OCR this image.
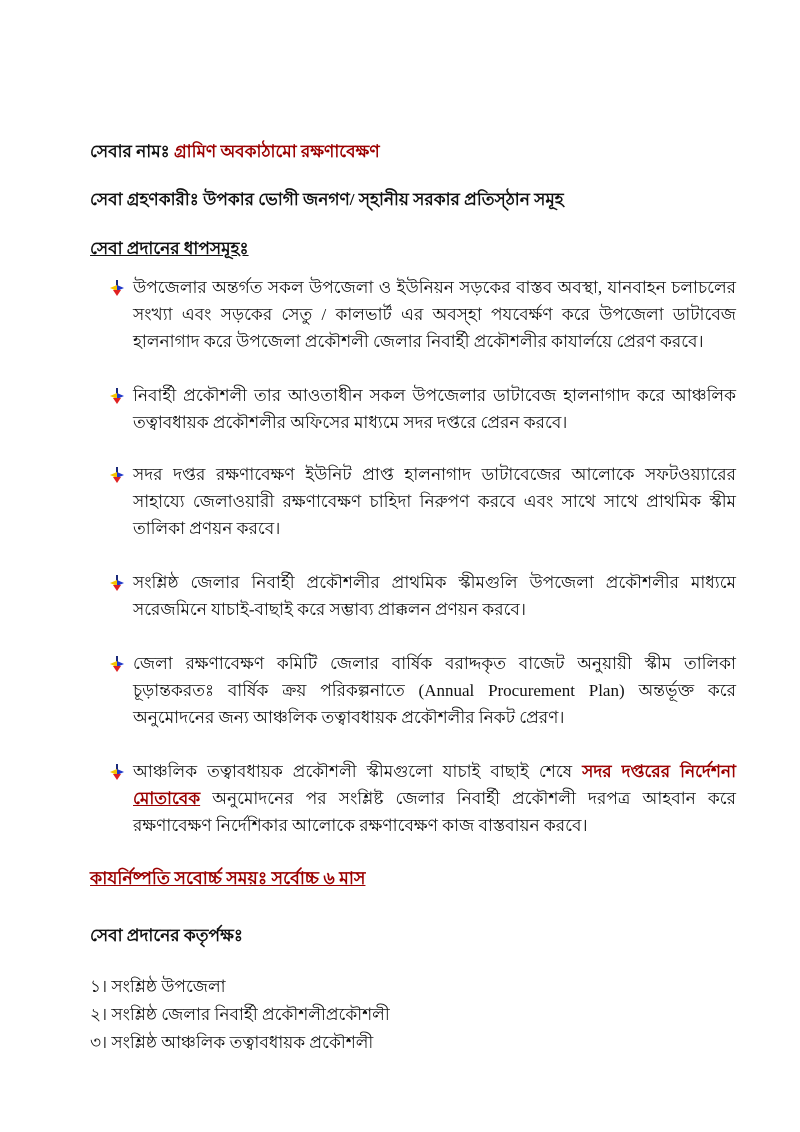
সেবার নামঃ গ্রামিণ অবকাঠামো রক্ষণাবেক্ষণ

সেবা গ্রহণকারীঃ উপকার ভোগী জনগণ/ স্হানীয় সরকার প্রতিস্ঠান সমূহ

সেবা প্রদানের ধাপসমূহঃ

উপজেলার অন্তর্গত সকল উপজেলা ও ইউনিয়ন সড়কের বাস্তব অবস্থা, যানবাহন চলাচলের সংখ্যা এবং সড়কের সেতু / কালভার্ট এর অবস্হা পযবের্ক্ষণ করে উপজেলা ডাটাবেজ হালনাগাদ করে উপজেলা প্রকৌশলী জেলার নিবার্হী প্রকৌশলীর কাযার্লয়ে প্রেরণ করবে।

নিবার্হী প্রকৌশলী তার আওতাধীন সকল উপজেলার ডাটাবেজ হালনাগাদ করে আঞ্চলিক তত্বাবধায়ক প্রকৌশলীর অফিসের মাধ্যমে সদর দপ্তরে প্রেরন করবে।

সদর দপ্তর রক্ষণাবেক্ষণ ইউনিট প্রাপ্ত হালনাগাদ ডাটাবেজের আলোকে সফটওয়্যারের সাহায্যে জেলাওয়ারী রক্ষণাবেক্ষণ চাহিদা নিরুপণ করবে এবং সাথে সাথে প্রাথমিক স্কীম তালিকা প্রণয়ন করবে।

সংশ্লিষ্ঠ জেলার নিবার্হী প্রকৌশলীর প্রাথমিক স্কীমগুলি উপজেলা প্রকৌশলীর মাধ্যমে সরেজমিনে যাচাই-বাছাই করে সম্ভাব্য প্রাক্কলন প্রণয়ন করবে।

জেলা রক্ষণাবেক্ষণ কমিটি জেলার বার্ষিক বরাদ্দকৃত বাজেট অনুয়ায়ী স্কীম তালিকা চূড়ান্তকরতঃ বার্ষিক ক্রয় পরিকল্পনাতে (Annual Procurement Plan) অন্তর্ভূক্ত করে অনুমোদনের জন্য আঞ্চলিক তত্বাবধায়ক প্রকৌশলীর নিকট প্রেরণ।

আঞ্চলিক তত্বাবধায়ক প্রকৌশলী স্কীমগুলো যাচাই বাছাই শেষে সদর দপ্তরের নির্দেশনা মোতাবেক অনুমোদনের পর সংশ্লিষ্ট জেলার নিবার্হী প্রকৌশলী দরপত্র আহবান করে রক্ষণাবেক্ষণ নির্দেশিকার আলোকে রক্ষণাবেক্ষণ কাজ বাস্তবায়ন করবে।

কাযর্নিষ্পতি সবোর্চ্চ সময়ঃ সর্বোচ্চ ৬ মাস

সেবা প্রদানের কতৃর্পক্ষঃ

১। সংশ্লিষ্ঠ উপজেলা
২। সংশ্লিষ্ঠ জেলার নিবার্হী প্রকৌশলীপ্রকৌশলী
৩। সংশ্লিষ্ঠ আঞ্চলিক তত্বাবধায়ক প্রকৌশলী
